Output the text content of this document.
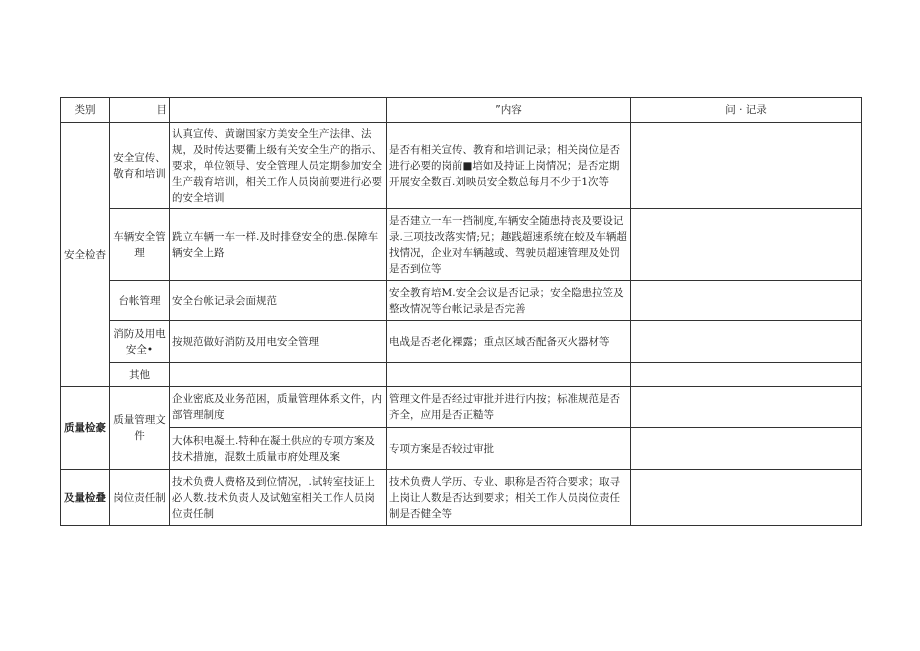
类别	目		”内容	问 · 记录
安全检杳	安全宣传、敬育和培训	认真宣传、黄谢国家方美安全生产法律、法规，及时传达要衢上级有关安全生产的指示、要求，单位领导、安全管理人员定期参加安全生产载育培训，相关工作人员岗前要进行必要的安全培训	是否有相关宣传、教育和培训记录；相关岗位是否进行必要的岗前■培如及持证上岗情况；是否定期开展安全数百.刘映员安全数总每月不少于1次等	
	车辆安全管理	跣立车辆一车一样.及时排登安全的患.保障车辆安全上路	是否建立一车一挡制度,车辆安全随患持丧及要设记录.三项技改落实情;兄；趣践超速系统在蛟及车辆超找情况，企业对车辆越或、驾驶员超速管理及处罚是否到位等	
	台帐管理	安全台帐记录会面规范	安全教育培M.安全会议是否记录；安全隐患拉笠及整改情况等台帐记录是否完善	
	消防及用电安全•	按规范做好消防及用电安全管理	电战是否老化裸露；重点区域否配备灭火器材等	
	其他			
质量检豪	质量管理文件	企业密底及业务范困，质量管理体系文件，内部管理制度	管理文件是否经过审批并进行内按；标准规范是否齐全，应用是否正糙等	
		大体积电凝土.特种在凝土供应的专项方案及技术措施，混数土质量市府处理及案	专项方案是否较过审批	
及量检叠	岗位责任制	技术负费人费格及到位情况，.试转室技证上必人数.技术负责人及试勉室相关工作人员岗位责任制	技术负费人学历、专业、职称是否符合要求；取寻上岗让人数是否达到要求；相关工作人员岗位责任制是否健全等	
